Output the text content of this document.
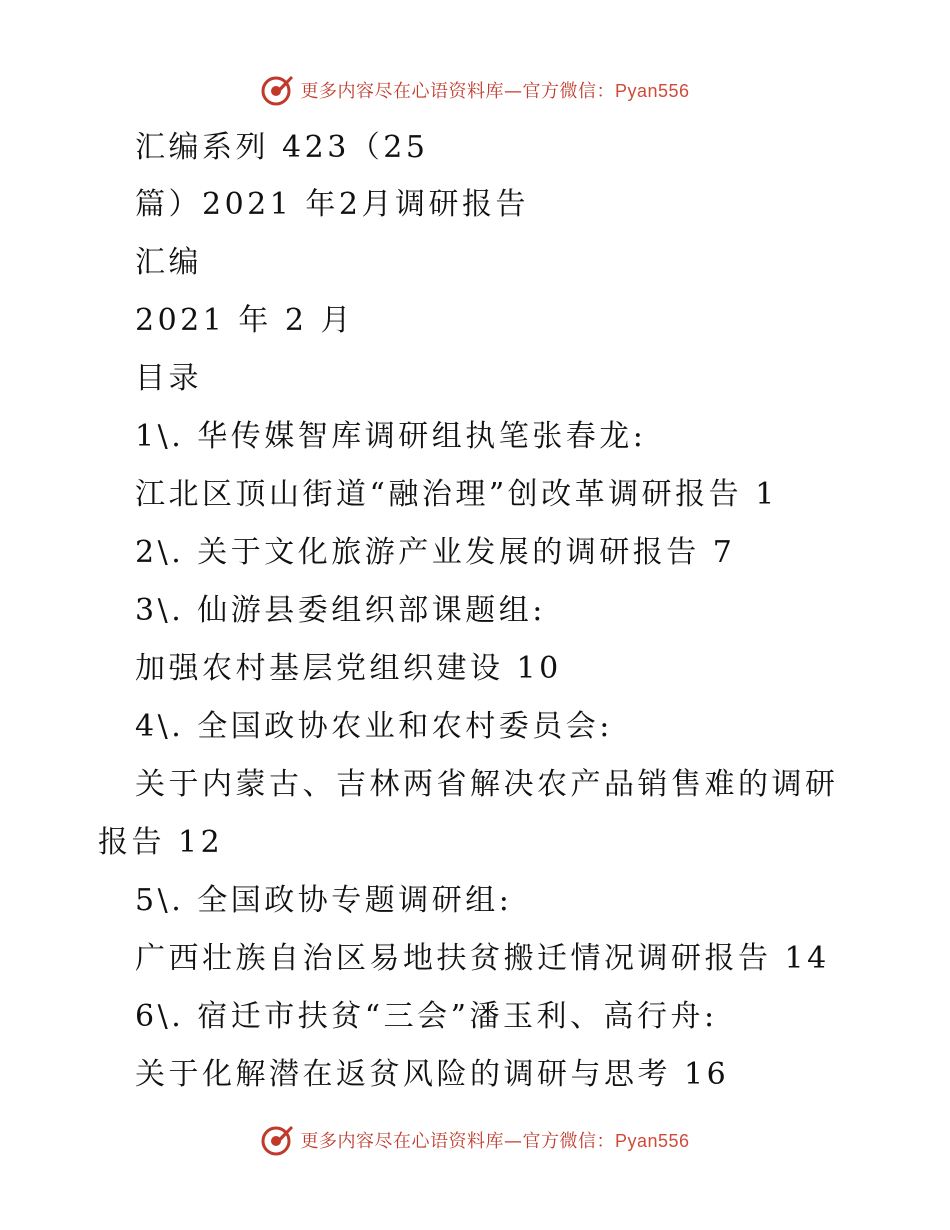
更多内容尽在心语资料库—官方微信：Pyan556
汇编系列 423（25
篇）2021 年2月调研报告
汇编
2021 年 2 月
目录
1\. 华传媒智库调研组执笔张春龙:
江北区顶山街道“融治理”创改革调研报告 1
2\. 关于文化旅游产业发展的调研报告 7
3\. 仙游县委组织部课题组:
加强农村基层党组织建设 10
4\. 全国政协农业和农村委员会:
关于内蒙古、吉林两省解决农产品销售难的调研
报告 12
5\. 全国政协专题调研组:
广西壮族自治区易地扶贫搬迁情况调研报告 14
6\. 宿迁市扶贫“三会”潘玉利、高行舟:
关于化解潜在返贫风险的调研与思考 16
更多内容尽在心语资料库—官方微信：Pyan556
